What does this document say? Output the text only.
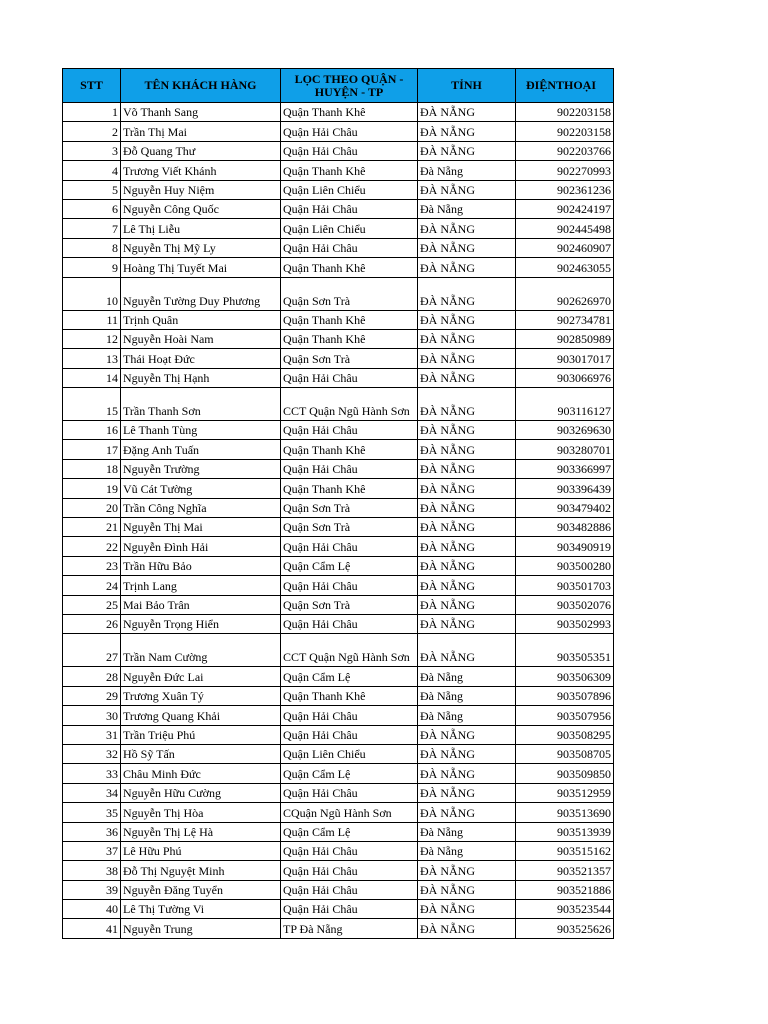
STT	TÊN KHÁCH HÀNG	LỌC THEO QUẬN - HUYỆN - TP	TỈNH	ĐIỆNTHOẠI
1	Võ Thanh Sang	Quận Thanh Khê	ĐÀ NẴNG	902203158
2	Trần Thị Mai	Quận Hải Châu	ĐÀ NẴNG	902203158
3	Đỗ Quang Thư	Quận Hải Châu	ĐÀ NẴNG	902203766
4	Trương Viết Khánh	Quận Thanh Khê	Đà Nẵng	902270993
5	Nguyễn Huy Niệm	Quận Liên Chiểu	ĐÀ NẴNG	902361236
6	Nguyễn Công Quốc	Quận Hải Châu	Đà Nẵng	902424197
7	Lê Thị Liễu	Quận Liên Chiểu	ĐÀ NẴNG	902445498
8	Nguyễn Thị Mỹ Ly	Quận Hải Châu	ĐÀ NẴNG	902460907
9	Hoàng Thị Tuyết Mai	Quận Thanh Khê	ĐÀ NẴNG	902463055
10	Nguyễn Tường Duy Phương	Quận Sơn Trà	ĐÀ NẴNG	902626970
11	Trịnh Quân	Quận Thanh Khê	ĐÀ NẴNG	902734781
12	Nguyễn Hoài Nam	Quận Thanh Khê	ĐÀ NẴNG	902850989
13	Thái Hoạt Đức	Quận Sơn Trà	ĐÀ NẴNG	903017017
14	Nguyễn Thị Hạnh	Quận Hải Châu	ĐÀ NẴNG	903066976
15	Trần Thanh Sơn	CCT Quận Ngũ Hành Sơn	ĐÀ NẴNG	903116127
16	Lê Thanh Tùng	Quận Hải Châu	ĐÀ NẴNG	903269630
17	Đặng Anh Tuấn	Quận Thanh Khê	ĐÀ NẴNG	903280701
18	Nguyễn Trường	Quận Hải Châu	ĐÀ NẴNG	903366997
19	Vũ Cát Tường	Quận Thanh Khê	ĐÀ NẴNG	903396439
20	Trần Công Nghĩa	Quận Sơn Trà	ĐÀ NẴNG	903479402
21	Nguyễn Thị Mai	Quận Sơn Trà	ĐÀ NẴNG	903482886
22	Nguyễn Đình Hải	Quận Hải Châu	ĐÀ NẴNG	903490919
23	Trần Hữu Bảo	Quận Cẩm Lệ	ĐÀ NẴNG	903500280
24	Trịnh Lang	Quận Hải Châu	ĐÀ NẴNG	903501703
25	Mai Bảo Trân	Quận Sơn Trà	ĐÀ NẴNG	903502076
26	Nguyễn Trọng Hiển	Quận Hải Châu	ĐÀ NẴNG	903502993
27	Trần Nam Cường	CCT Quận Ngũ Hành Sơn	ĐÀ NẴNG	903505351
28	Nguyễn Đức Lai	Quận Cẩm Lệ	Đà Nẵng	903506309
29	Trương Xuân Tý	Quận Thanh Khê	Đà Nẵng	903507896
30	Trương Quang Khải	Quận Hải Châu	Đà Nẵng	903507956
31	Trần Triệu Phú	Quận Hải Châu	ĐÀ NẴNG	903508295
32	Hồ Sỹ Tấn	Quận Liên Chiểu	ĐÀ NẴNG	903508705
33	Châu Minh Đức	Quận Cẩm Lệ	ĐÀ NẴNG	903509850
34	Nguyễn Hữu Cường	Quận Hải Châu	ĐÀ NẴNG	903512959
35	Nguyễn Thị Hòa	CQuận Ngũ Hành Sơn	ĐÀ NẴNG	903513690
36	Nguyễn Thị Lệ Hà	Quận Cẩm Lệ	Đà Nẵng	903513939
37	Lê Hữu Phú	Quận Hải Châu	Đà Nẵng	903515162
38	Đỗ Thị Nguyệt Minh	Quận Hải Châu	ĐÀ NẴNG	903521357
39	Nguyễn Đăng Tuyển	Quận Hải Châu	ĐÀ NẴNG	903521886
40	Lê Thị Tường Vi	Quận Hải Châu	ĐÀ NẴNG	903523544
41	Nguyễn Trung	TP Đà Nẵng	ĐÀ NẴNG	903525626
